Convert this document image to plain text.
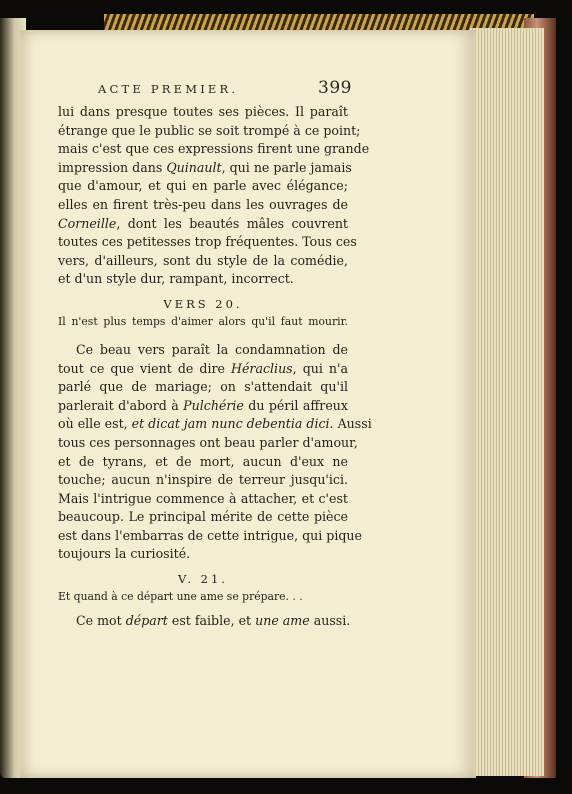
ACTE PREMIER.	399
lui dans presque toutes ses pièces. Il paraît
étrange que le public se soit trompé à ce point;
mais c'est que ces expressions firent une grande
impression dans Quinault, qui ne parle jamais
que d'amour, et qui en parle avec élégance;
elles en firent très-peu dans les ouvrages de
Corneille, dont les beautés mâles couvrent
toutes ces petitesses trop fréquentes. Tous ces
vers, d'ailleurs, sont du style de la comédie,
et d'un style dur, rampant, incorrect.
VERS 20.
Il n'est plus temps d'aimer alors qu'il faut mourir.
Ce beau vers paraît la condamnation de
tout ce que vient de dire Héraclius, qui n'a
parlé que de mariage; on s'attendait qu'il
parlerait d'abord à Pulchérie du péril affreux
où elle est, et dicat jam nunc debentia dici. Aussi
tous ces personnages ont beau parler d'amour,
et de tyrans, et de mort, aucun d'eux ne
touche; aucun n'inspire de terreur jusqu'ici.
Mais l'intrigue commence à attacher, et c'est
beaucoup. Le principal mérite de cette pièce
est dans l'embarras de cette intrigue, qui pique
toujours la curiosité.
V. 21.
Et quand à ce départ une ame se prépare. . .
Ce mot départ est faible, et une ame aussi.
